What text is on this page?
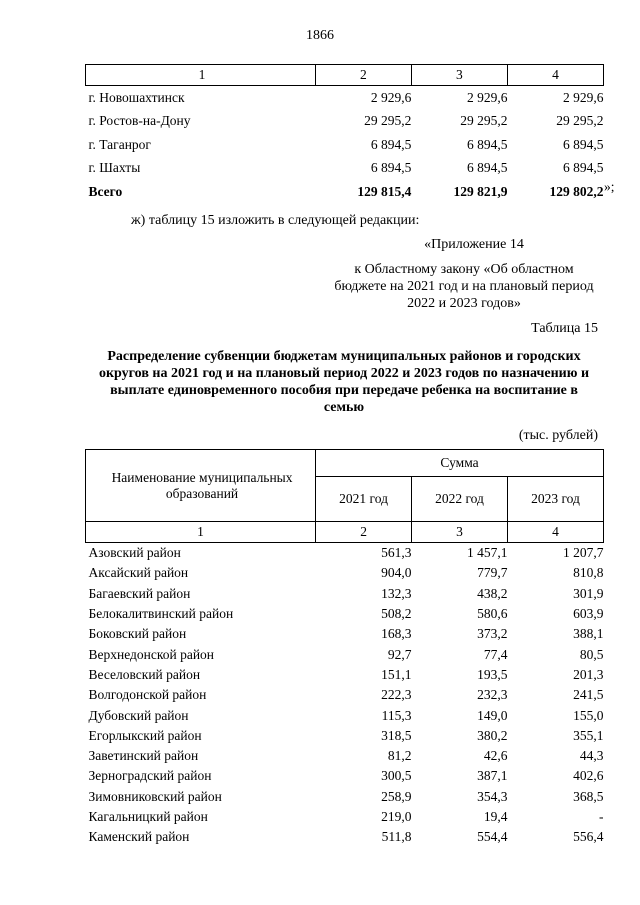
1866
1	2	3	4
г. Новошахтинск	2 929,6	2 929,6	2 929,6
г. Ростов-на-Дону	29 295,2	29 295,2	29 295,2
г. Таганрог	6 894,5	6 894,5	6 894,5
г. Шахты	6 894,5	6 894,5	6 894,5
Всего	129 815,4	129 821,9	129 802,2 »;
ж) таблицу 15 изложить в следующей редакции:
«Приложение 14
к Областному закону «Об областном бюджете на 2021 год и на плановый период 2022 и 2023 годов»
Таблица 15
Распределение субвенции бюджетам муниципальных районов и городских округов на 2021 год и на плановый период 2022 и 2023 годов по назначению и выплате единовременного пособия при передаче ребенка на воспитание в семью
(тыс. рублей)
Наименование муниципальных образований	Сумма		
	2021 год	2022 год	2023 год
1	2	3	4
Азовский район	561,3	1 457,1	1 207,7
Аксайский район	904,0	779,7	810,8
Багаевский район	132,3	438,2	301,9
Белокалитвинский район	508,2	580,6	603,9
Боковский район	168,3	373,2	388,1
Верхнедонской район	92,7	77,4	80,5
Веселовский район	151,1	193,5	201,3
Волгодонской район	222,3	232,3	241,5
Дубовский район	115,3	149,0	155,0
Егорлыкский район	318,5	380,2	355,1
Заветинский район	81,2	42,6	44,3
Зерноградский район	300,5	387,1	402,6
Зимовниковский район	258,9	354,3	368,5
Кагальницкий район	219,0	19,4	-
Каменский район	511,8	554,4	556,4
